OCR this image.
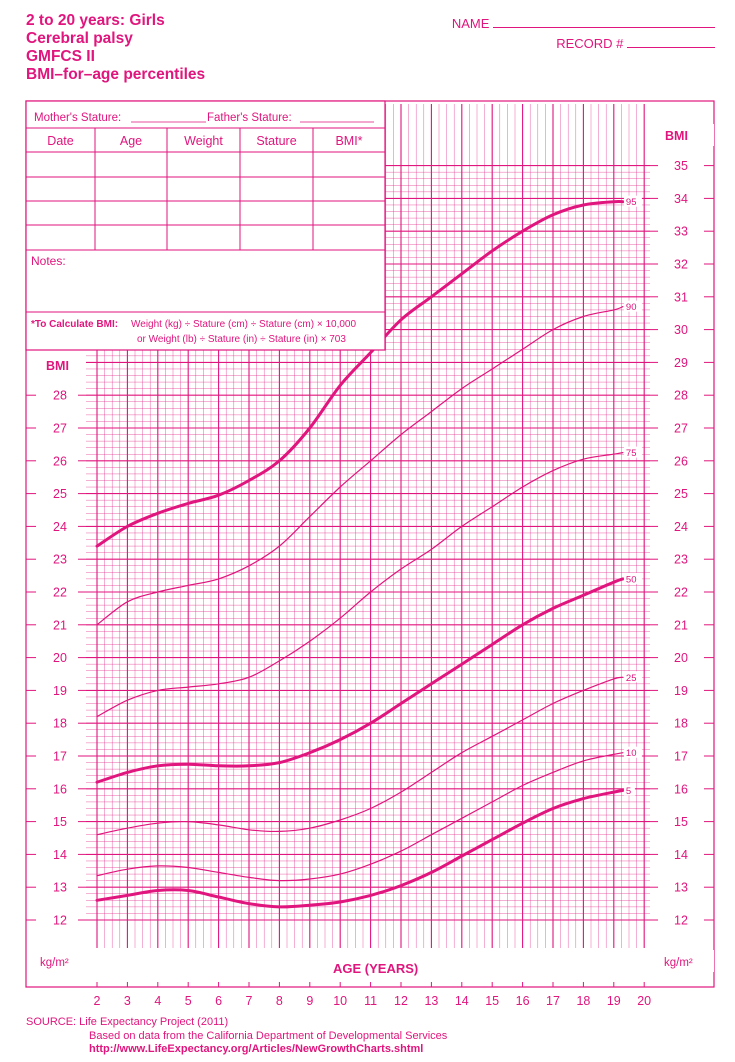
2 to 20 years: Girls
Cerebral palsy
GMFCS II
BMI–for–age percentiles
NAME
RECORD #
95
90
75
50
25
10
5
Mother's Stature:	Father's Stature:
Date	Age	Weight	Stature	BMI*
Notes:
*To Calculate BMI: Weight (kg) ÷ Stature (cm) ÷ Stature (cm) × 10,000
or Weight (lb) ÷ Stature (in) ÷ Stature (in) × 703
BMI
BMI
kg/m²	kg/m²
AGE (YEARS)
12
13
14
15
16
17
18
19
20
21
22
23
24
25
26
27
28
12
13
14
15
16
17
18
19
20
21
22
23
24
25
26
27
28
29
30
31
32
33
34
35
2 3 4 5 6 7 8 9 10 11 12 13 14 15 16 17 18 19 20
SOURCE: Life Expectancy Project (2011)
Based on data from the California Department of Developmental Services
http://www.LifeExpectancy.org/Articles/NewGrowthCharts.shtml
